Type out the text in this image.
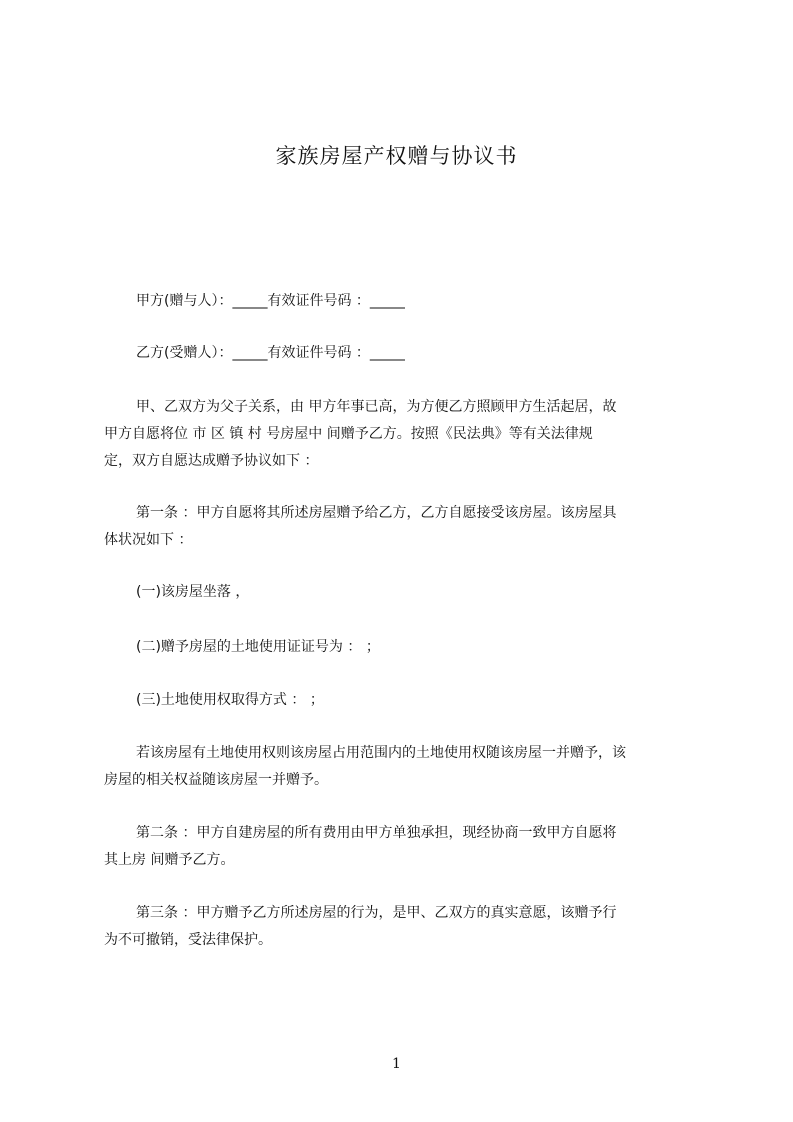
家族房屋产权赠与协议书
甲方(赠与人）：_____有效证件号码 ：_____
乙方(受赠人）：_____有效证件号码 ：_____
甲、乙双方为父子关系，由 甲方年事已高，为方便乙方照顾甲方生活起居，故
甲方自愿将位 市 区 镇 村 号房屋中 间赠予乙方。按照《民法典》等有关法律规
定，双方自愿达成赠予协议如下 ：
第一条 ：甲方自愿将其所述房屋赠予给乙方，乙方自愿接受该房屋。该房屋具
体状况如下 ：
(一)该房屋坐落 ，
(二)赠予房屋的土地使用证证号为 ： ；
(三)土地使用权取得方式 ： ；
若该房屋有土地使用权则该房屋占用范围内的土地使用权随该房屋一并赠予，该
房屋的相关权益随该房屋一并赠予。
第二条 ：甲方自建房屋的所有费用由甲方单独承担，现经协商一致甲方自愿将
其上房 间赠予乙方。
第三条 ：甲方赠予乙方所述房屋的行为，是甲、乙双方的真实意愿，该赠予行
为不可撤销，受法律保护。
1
